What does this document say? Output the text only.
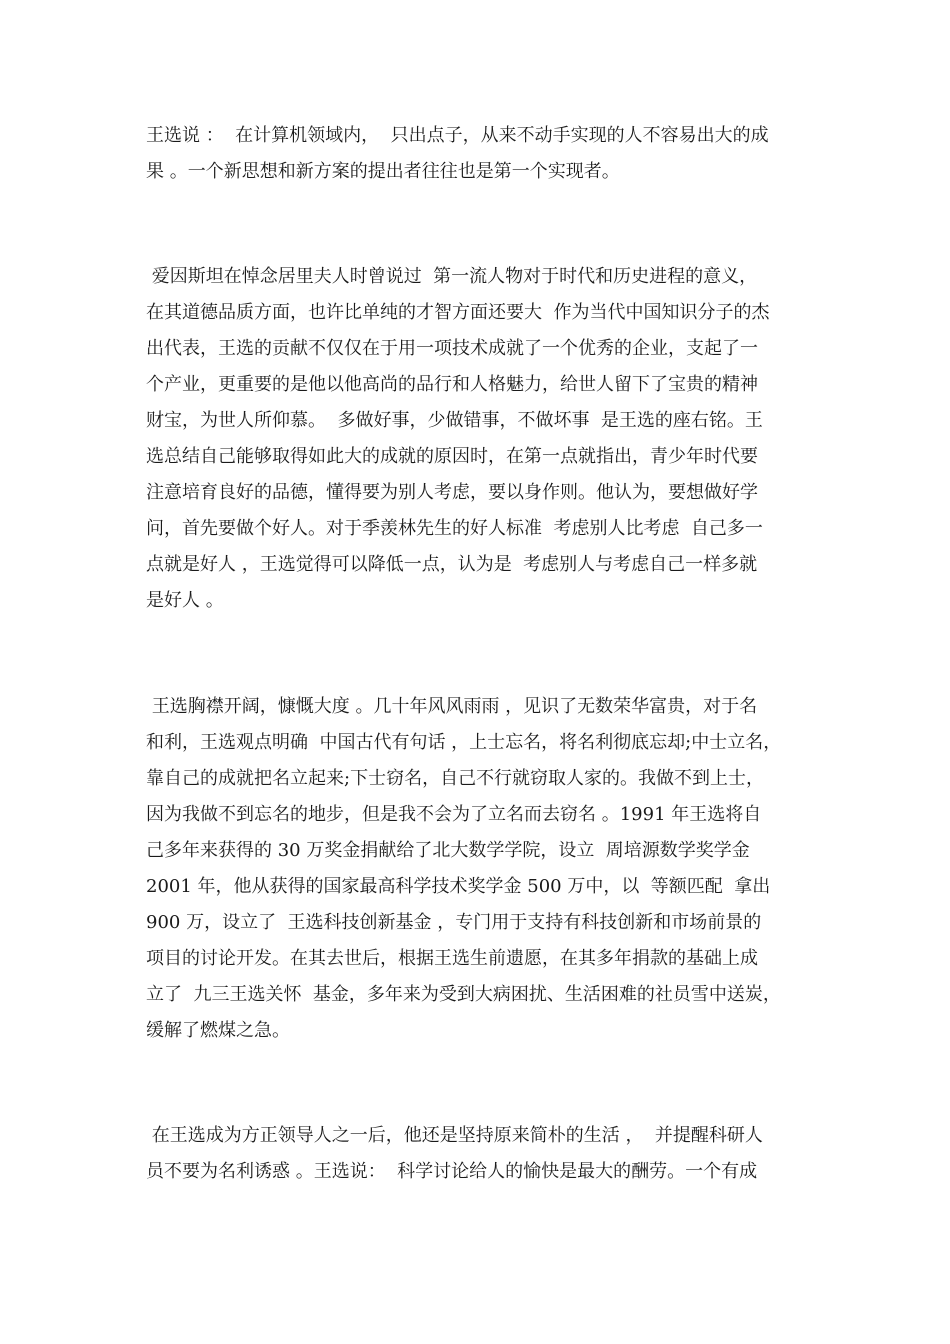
王选说 ：  在计算机领域内，  只出点子，从来不动手实现的人不容易出大的成

果 。一个新思想和新方案的提出者往往也是第一个实现者。

爱因斯坦在悼念居里夫人时曾说过  第一流人物对于时代和历史进程的意义，

在其道德品质方面，也许比单纯的才智方面还要大  作为当代中国知识分子的杰

出代表，王选的贡献不仅仅在于用一项技术成就了一个优秀的企业，支起了一

个产业，更重要的是他以他高尚的品行和人格魅力，给世人留下了宝贵的精神

财宝，为世人所仰慕。  多做好事，少做错事，不做坏事  是王选的座右铭。王

选总结自己能够取得如此大的成就的原因时，在第一点就指出，青少年时代要

注意培育良好的品德，懂得要为别人考虑，要以身作则。他认为，要想做好学

问，首先要做个好人。对于季羡林先生的好人标准  考虑别人比考虑  自己多一

点就是好人 ，王选觉得可以降低一点，认为是  考虑别人与考虑自己一样多就

是好人 。

王选胸襟开阔，慷慨大度 。几十年风风雨雨 ，见识了无数荣华富贵，对于名

和利，王选观点明确  中国古代有句话 ，上士忘名，将名利彻底忘却;中士立名，

靠自己的成就把名立起来;下士窃名，自己不行就窃取人家的。我做不到上士，

因为我做不到忘名的地步，但是我不会为了立名而去窃名 。1991 年王选将自

己多年来获得的 30 万奖金捐献给了北大数学学院，设立  周培源数学奖学金

2001 年，他从获得的国家最高科学技术奖学金 500 万中，以  等额匹配  拿出

900 万，设立了  王选科技创新基金 ，专门用于支持有科技创新和市场前景的

项目的讨论开发。在其去世后，根据王选生前遗愿，在其多年捐款的基础上成

立了  九三王选关怀  基金，多年来为受到大病困扰、生活困难的社员雪中送炭，

缓解了燃煤之急。

在王选成为方正领导人之一后，他还是坚持原来简朴的生活 ，  并提醒科研人

员不要为名利诱惑 。王选说：  科学讨论给人的愉快是最大的酬劳。一个有成
